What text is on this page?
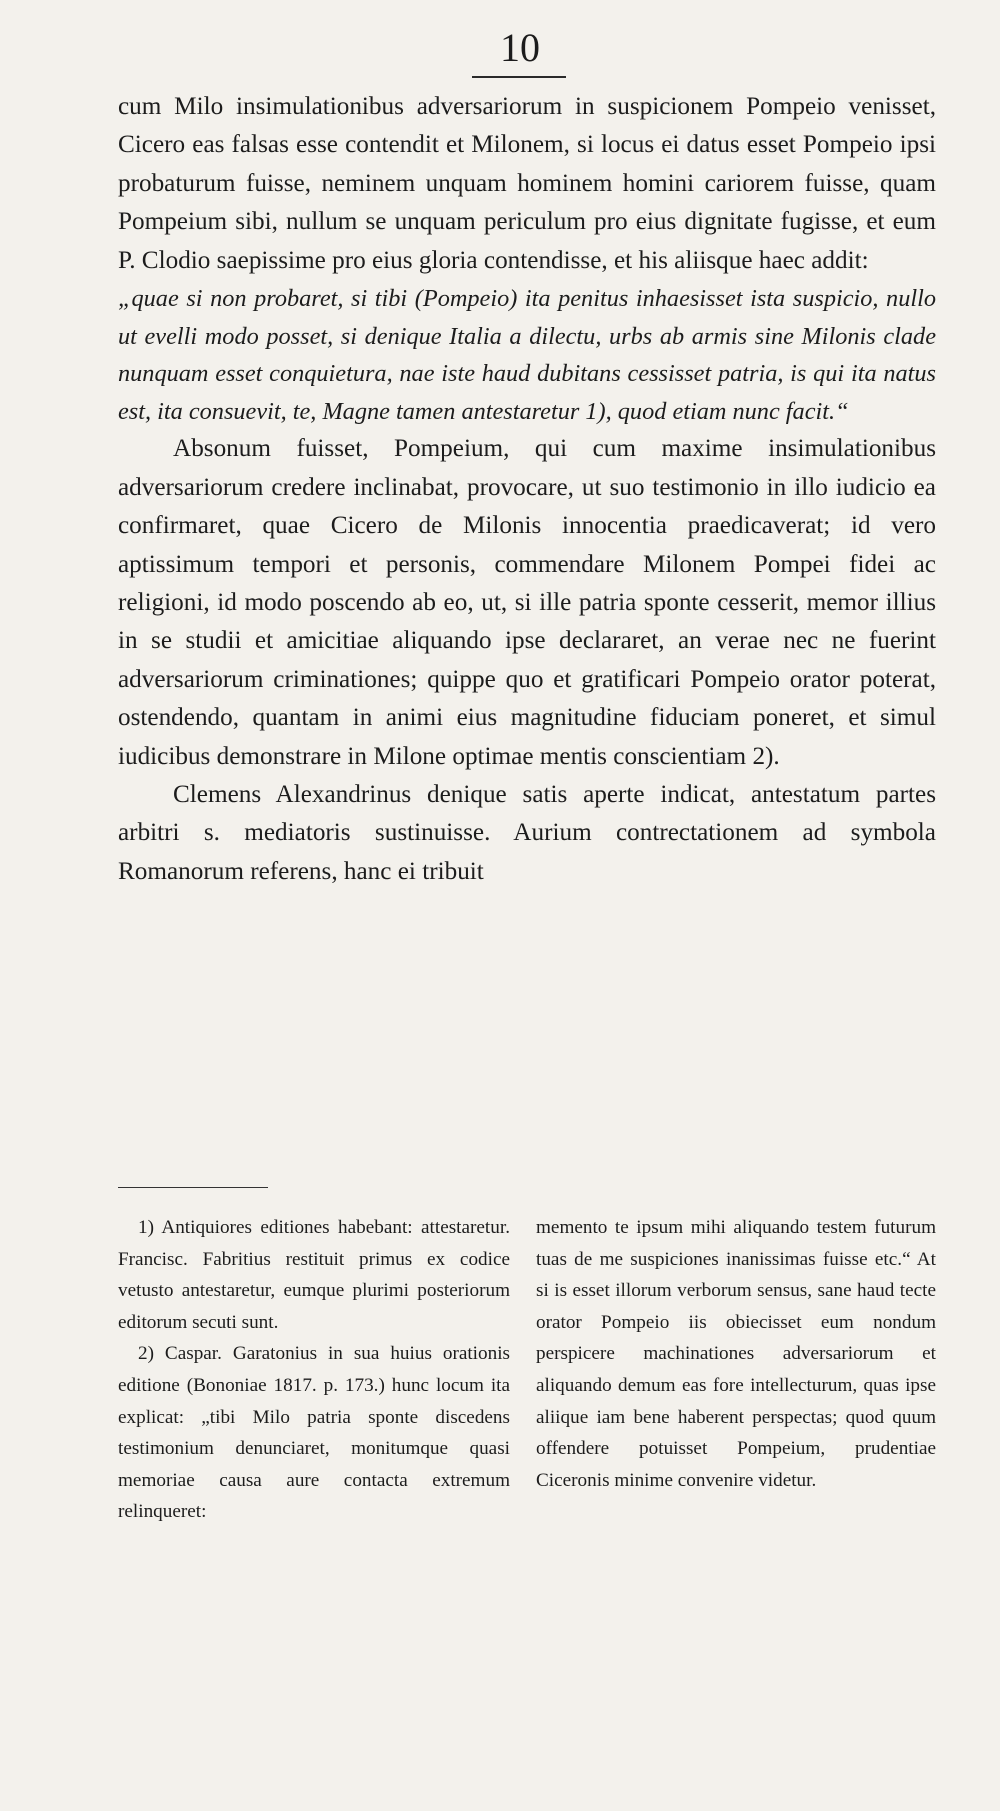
10

cum Milo insimulationibus adversariorum in suspicionem Pompeio venisset, Cicero eas falsas esse contendit et Milonem, si locus ei datus esset Pompeio ipsi probaturum fuisse, neminem unquam hominem homini cariorem fuisse, quam Pompeium sibi, nullum se unquam periculum pro eius dignitate fugisse, et eum P. Clodio saepissime pro eius gloria contendisse, et his aliisque haec addit:

„quae si non probaret, si tibi (Pompeio) ita penitus inhaesisset ista suspicio, nullo ut evelli modo posset, si denique Italia a dilectu, urbs ab armis sine Milonis clade nunquam esset conquietura, nae iste haud dubitans cessisset patria, is qui ita natus est, ita consuevit, te, Magne tamen antestaretur 1), quod etiam nunc facit.“

Absonum fuisset, Pompeium, qui cum maxime insimulationibus adversariorum credere inclinabat, provocare, ut suo testimonio in illo iudicio ea confirmaret, quae Cicero de Milonis innocentia praedicaverat; id vero aptissimum tempori et personis, commendare Milonem Pompei fidei ac religioni, id modo poscendo ab eo, ut, si ille patria sponte cesserit, memor illius in se studii et amicitiae aliquando ipse declararet, an verae nec ne fuerint adversariorum criminationes; quippe quo et gratificari Pompeio orator poterat, ostendendo, quantam in animi eius magnitudine fiduciam poneret, et simul iudicibus demonstrare in Milone optimae mentis conscientiam 2).

Clemens Alexandrinus denique satis aperte indicat, antestatum partes arbitri s. mediatoris sustinuisse. Aurium contrectationem ad symbola Romanorum referens, hanc ei tribuit

1) Antiquiores editiones habebant: attestaretur. Francisc. Fabritius restituit primus ex codice vetusto antestaretur, eumque plurimi posteriorum editorum secuti sunt.

2) Caspar. Garatonius in sua huius orationis editione (Bononiae 1817. p. 173.) hunc locum ita explicat: „tibi Milo patria sponte discedens testimonium denunciaret, monitumque quasi memoriae causa aure contacta extremum relinqueret:

memento te ipsum mihi aliquando testem futurum tuas de me suspiciones inanissimas fuisse etc.“ At si is esset illorum verborum sensus, sane haud tecte orator Pompeio iis obiecisset eum nondum perspicere machinationes adversariorum et aliquando demum eas fore intellecturum, quas ipse aliique iam bene haberent perspectas; quod quum offendere potuisset Pompeium, prudentiae Ciceronis minime convenire videtur.
